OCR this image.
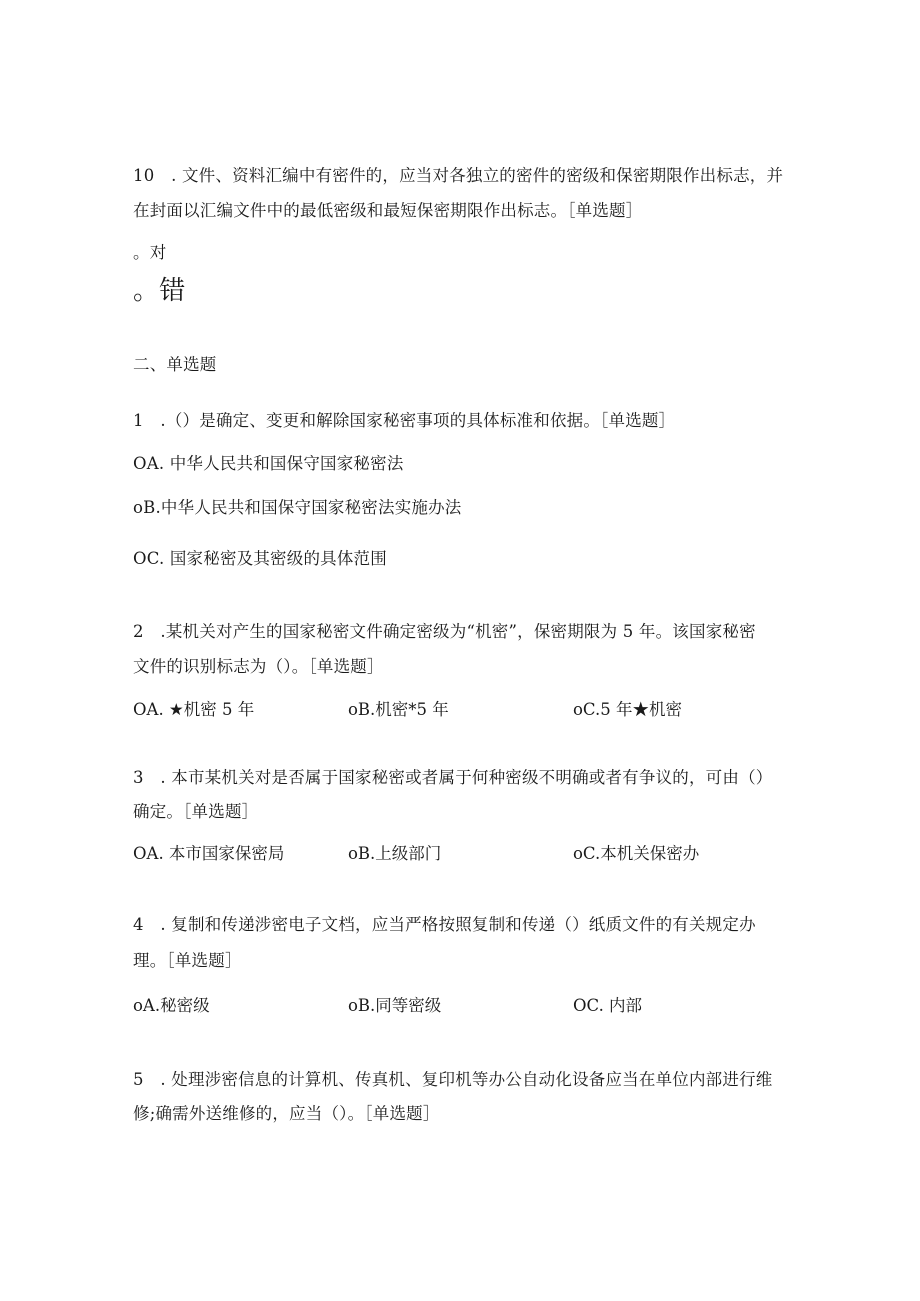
10　. 文件、资料汇编中有密件的，应当对各独立的密件的密级和保密期限作出标志，并
在封面以汇编文件中的最低密级和最短保密期限作出标志。［单选题］
。对
。错
二、单选题
1　.（）是确定、变更和解除国家秘密事项的具体标准和依据。［单选题］
OA. 中华人民共和国保守国家秘密法
oB.中华人民共和国保守国家秘密法实施办法
OC. 国家秘密及其密级的具体范围
2　.某机关对产生的国家秘密文件确定密级为“机密”，保密期限为 5 年。该国家秘密
文件的识别标志为（）。［单选题］
OA. ★机密 5 年	oB.机密*5 年	oC.5 年★机密
3　. 本市某机关对是否属于国家秘密或者属于何种密级不明确或者有争议的，可由（）
确定。［单选题］
OA. 本市国家保密局	oB.上级部门	oC.本机关保密办
4　. 复制和传递涉密电子文档，应当严格按照复制和传递（）纸质文件的有关规定办
理。［单选题］
oA.秘密级	oB.同等密级	OC. 内部
5　. 处理涉密信息的计算机、传真机、复印机等办公自动化设备应当在单位内部进行维
修;确需外送维修的，应当（）。［单选题］
